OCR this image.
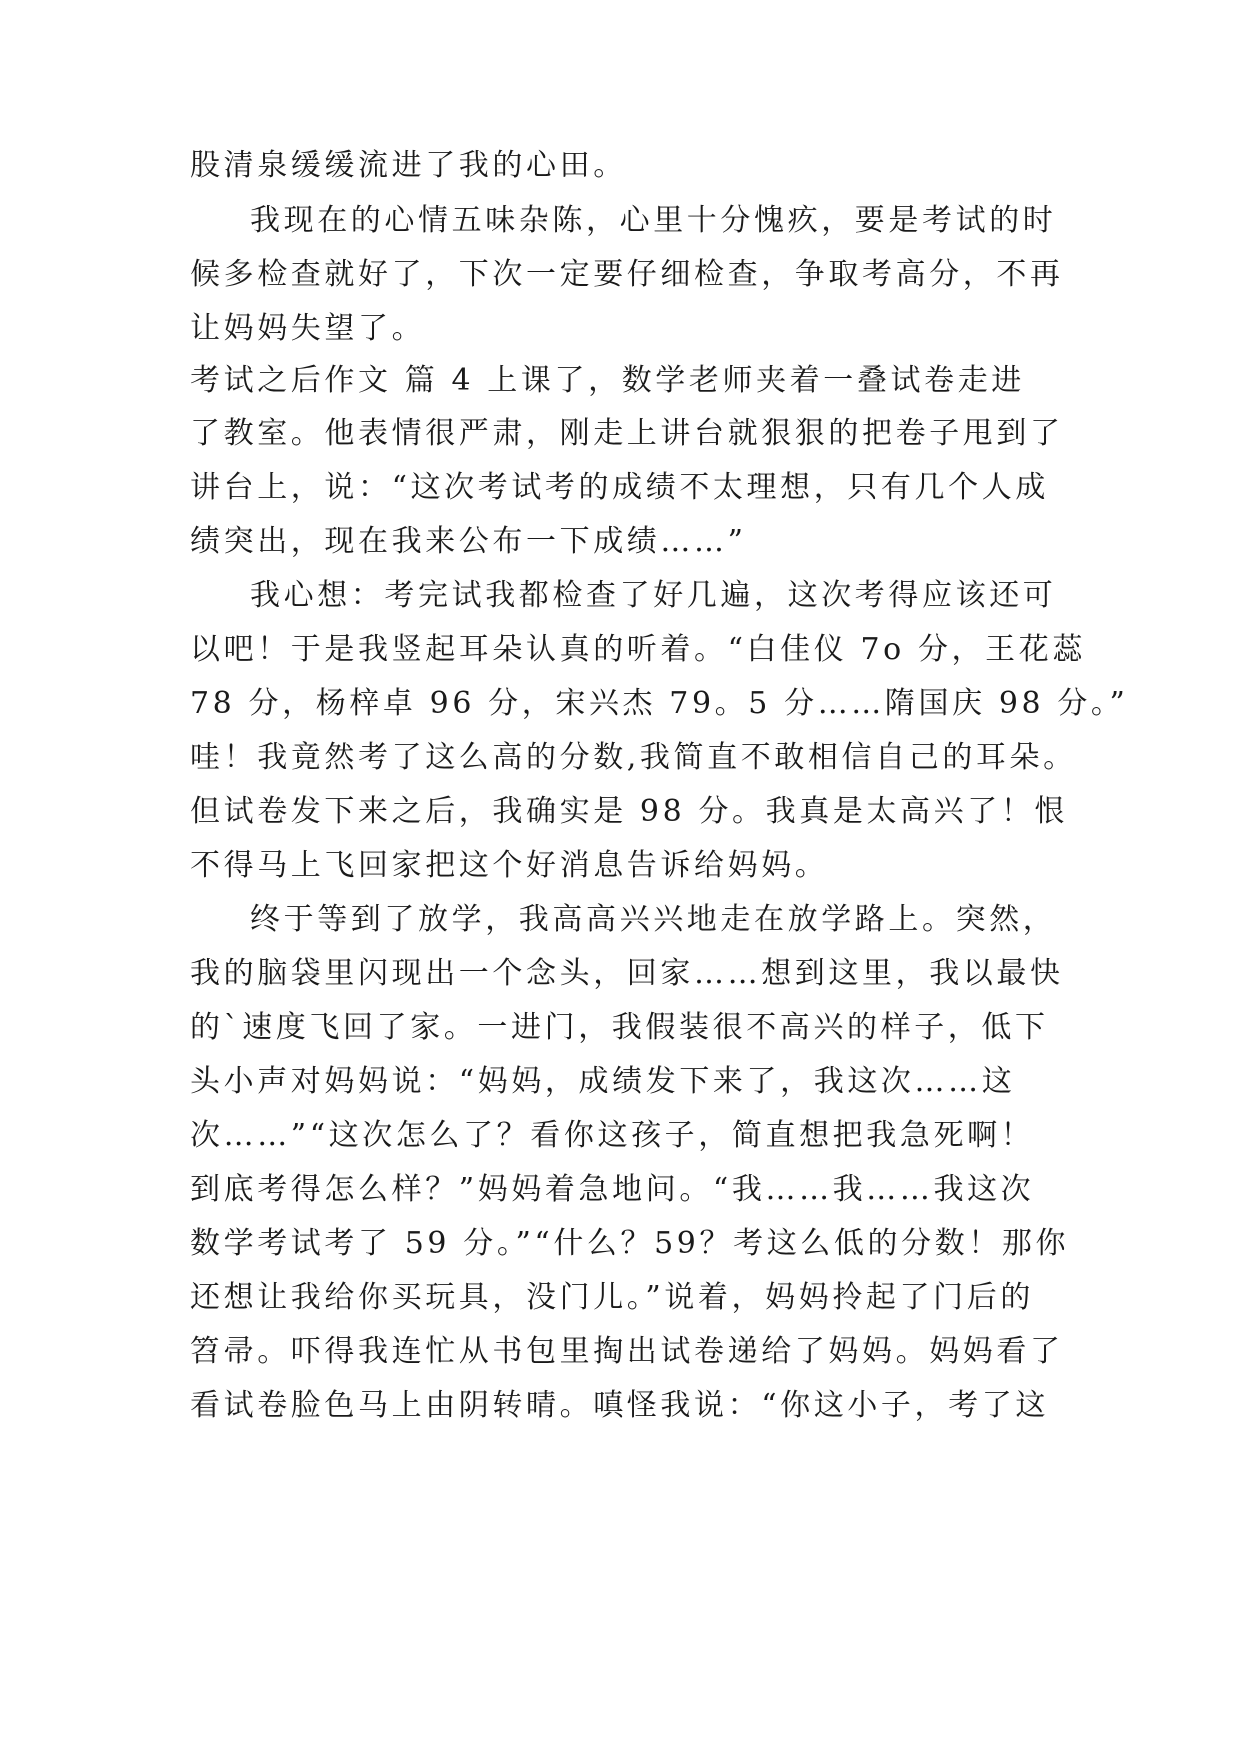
股清泉缓缓流进了我的心田。
我现在的心情五味杂陈，心里十分愧疚，要是考试的时
候多检查就好了，下次一定要仔细检查，争取考高分，不再
让妈妈失望了。
考试之后作文 篇 4 上课了，数学老师夹着一叠试卷走进
了教室。他表情很严肃，刚走上讲台就狠狠的把卷子甩到了
讲台上，说：“这次考试考的成绩不太理想，只有几个人成
绩突出，现在我来公布一下成绩……”
我心想：考完试我都检查了好几遍，这次考得应该还可
以吧！于是我竖起耳朵认真的听着。“白佳仪 7o 分，王花蕊
78 分，杨梓卓 96 分，宋兴杰 79。5 分……隋国庆 98 分。”
哇！我竟然考了这么高的分数,我简直不敢相信自己的耳朵。
但试卷发下来之后，我确实是 98 分。我真是太高兴了！恨
不得马上飞回家把这个好消息告诉给妈妈。
终于等到了放学，我高高兴兴地走在放学路上。突然，
我的脑袋里闪现出一个念头，回家……想到这里，我以最快
的`速度飞回了家。一进门，我假装很不高兴的样子，低下
头小声对妈妈说：“妈妈，成绩发下来了，我这次……这
次……”“这次怎么了？看你这孩子，简直想把我急死啊！
到底考得怎么样？”妈妈着急地问。“我……我……我这次
数学考试考了 59 分。”“什么？59？考这么低的分数！那你
还想让我给你买玩具，没门儿。”说着，妈妈拎起了门后的
笤帚。吓得我连忙从书包里掏出试卷递给了妈妈。妈妈看了
看试卷脸色马上由阴转晴。嗔怪我说：“你这小子，考了这
